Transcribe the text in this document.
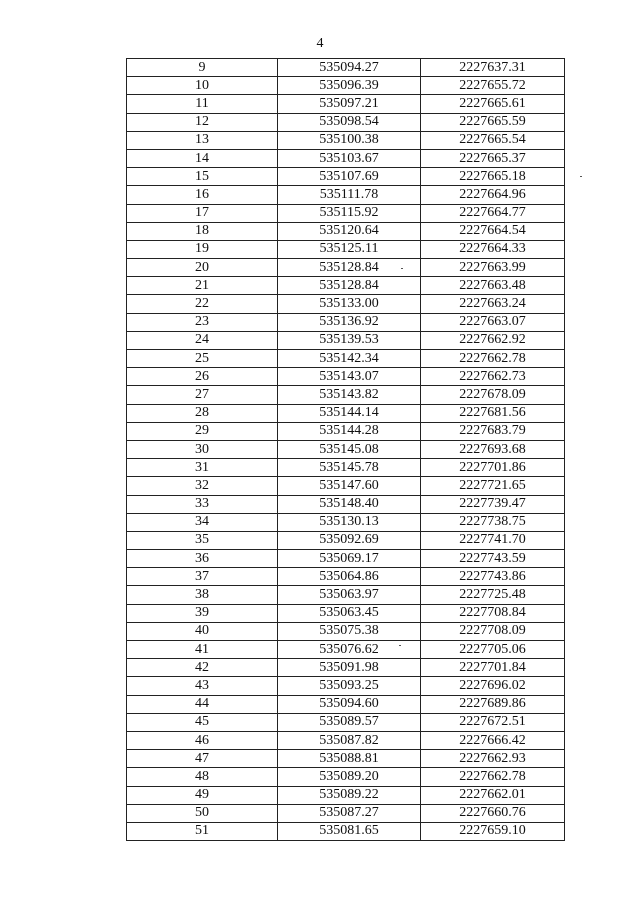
4
9	535094.27	2227637.31
10	535096.39	2227655.72
11	535097.21	2227665.61
12	535098.54	2227665.59
13	535100.38	2227665.54
14	535103.67	2227665.37
15	535107.69	2227665.18
16	535111.78	2227664.96
17	535115.92	2227664.77
18	535120.64	2227664.54
19	535125.11	2227664.33
20	535128.84	2227663.99
21	535128.84	2227663.48
22	535133.00	2227663.24
23	535136.92	2227663.07
24	535139.53	2227662.92
25	535142.34	2227662.78
26	535143.07	2227662.73
27	535143.82	2227678.09
28	535144.14	2227681.56
29	535144.28	2227683.79
30	535145.08	2227693.68
31	535145.78	2227701.86
32	535147.60	2227721.65
33	535148.40	2227739.47
34	535130.13	2227738.75
35	535092.69	2227741.70
36	535069.17	2227743.59
37	535064.86	2227743.86
38	535063.97	2227725.48
39	535063.45	2227708.84
40	535075.38	2227708.09
41	535076.62	2227705.06
42	535091.98	2227701.84
43	535093.25	2227696.02
44	535094.60	2227689.86
45	535089.57	2227672.51
46	535087.82	2227666.42
47	535088.81	2227662.93
48	535089.20	2227662.78
49	535089.22	2227662.01
50	535087.27	2227660.76
51	535081.65	2227659.10
